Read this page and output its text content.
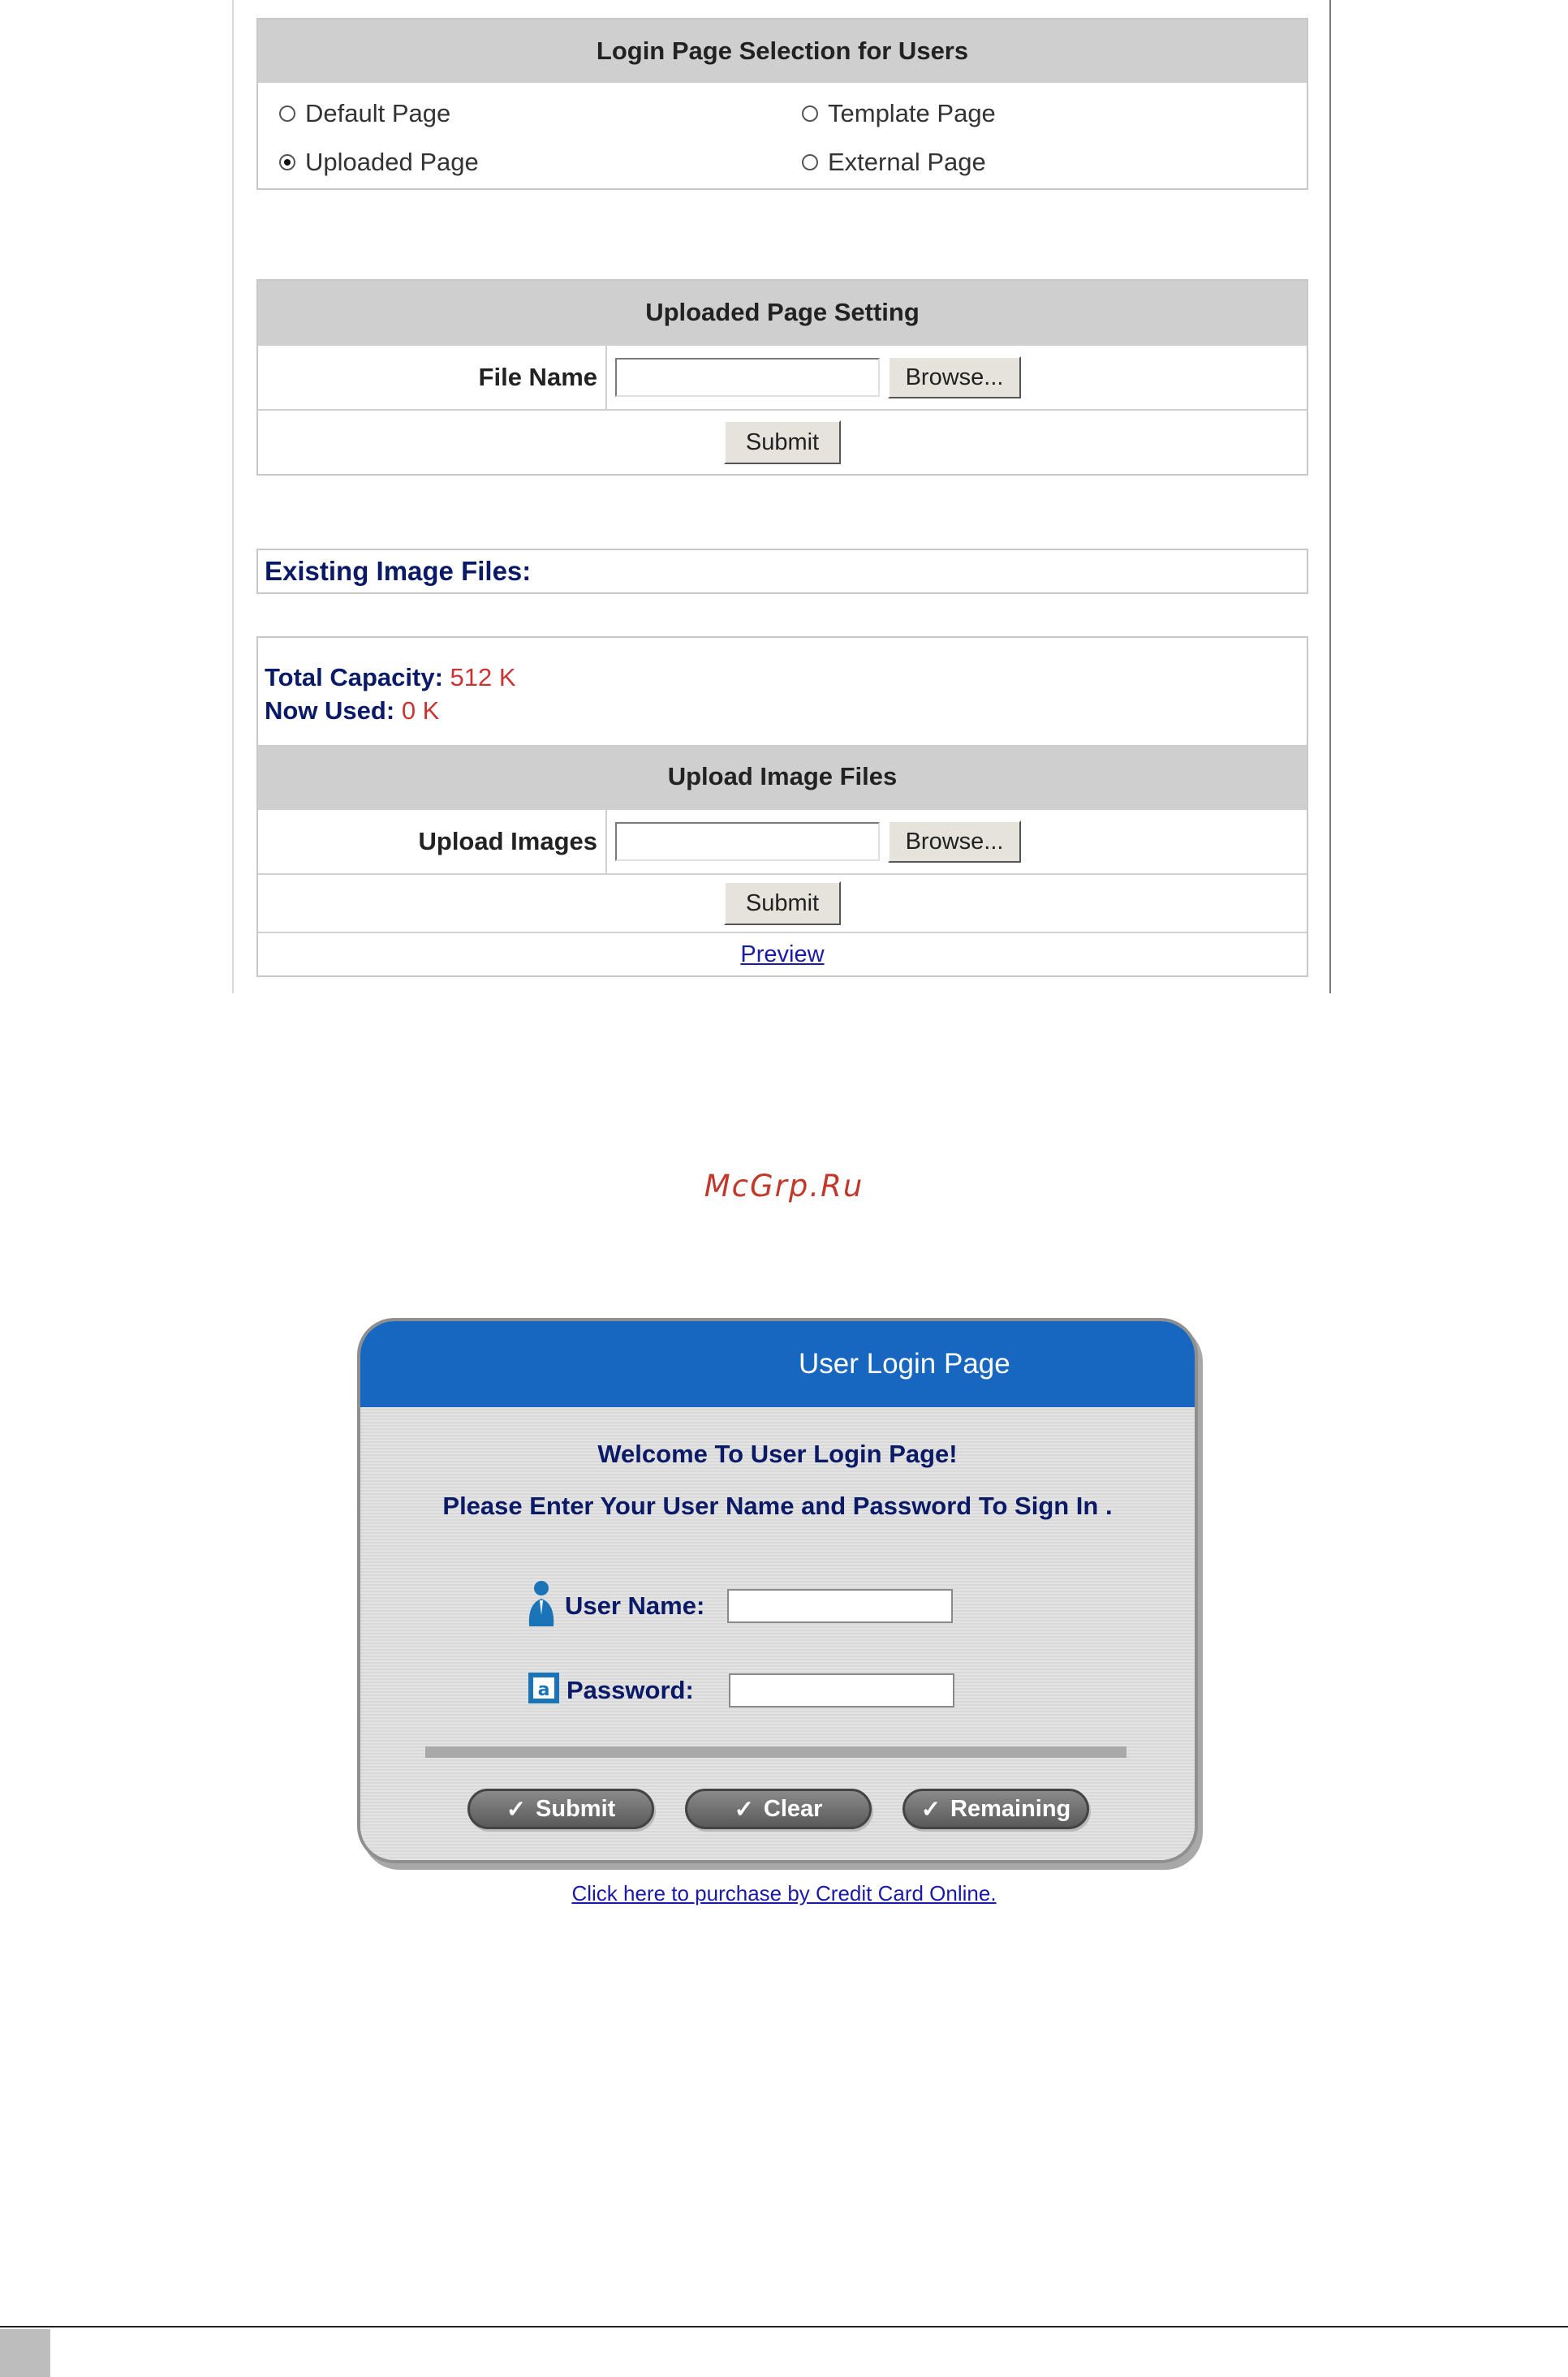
Login Page Selection for Users
Default Page	Template Page
Uploaded Page	External Page
Uploaded Page Setting
File Name	Browse...
Submit
Existing Image Files:
Total Capacity: 512 K
Now Used: 0 K
Upload Image Files
Upload Images	Browse...
Submit
Preview
McGrp.Ru
User Login Page
Welcome To User Login Page!
Please Enter Your User Name and Password To Sign In .
User Name:
a Password:
✓ Submit	✓ Clear	✓ Remaining
Click here to purchase by Credit Card Online.
